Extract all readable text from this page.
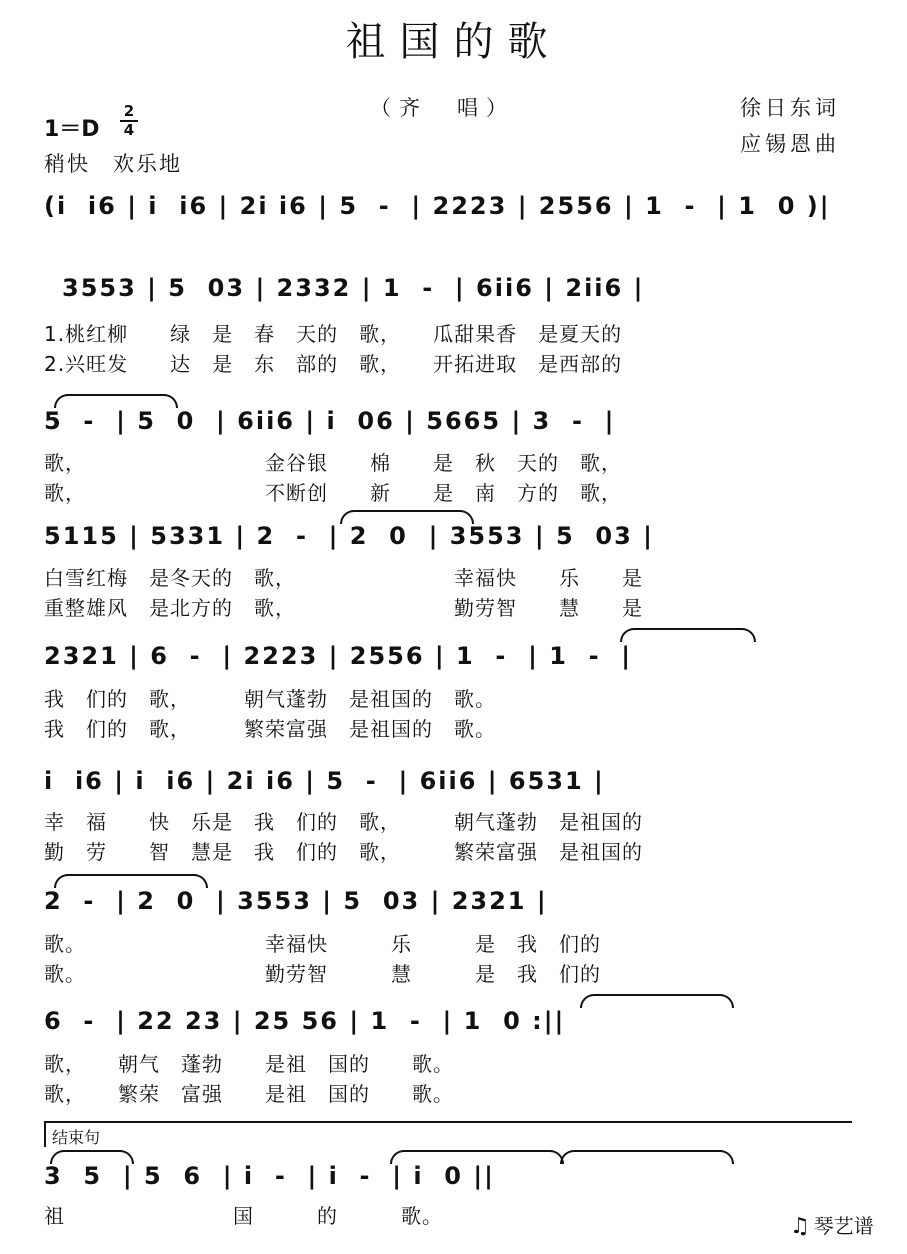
祖国的歌
（齐　唱）
1＝D
2
4
稍快　欢乐地
徐日东词
应锡恩曲
(i  i6 | i  i6 | 2i i6 | 5  -  | 2223 | 2556 | 1  -  | 1  0 )|
3553 | 5  03 | 2332 | 1  -  | 6ii6 | 2ii6 |
1.桃红柳　　绿　是　春　天的　歌，　　瓜甜果香　是夏天的
2.兴旺发　　达　是　东　部的　歌，　　开拓进取　是西部的
5  -  | 5  0  | 6ii6 | i  06 | 5665 | 3  -  |
歌，　　　　　　　　　金谷银　　棉　　是　秋　天的　歌，
歌，　　　　　　　　　不断创　　新　　是　南　方的　歌，
5115 | 5331 | 2  -  | 2  0  | 3553 | 5  03 |
白雪红梅　是冬天的　歌，　　　　　　　　幸福快　　乐　　是
重整雄风　是北方的　歌，　　　　　　　　勤劳智　　慧　　是
2321 | 6  -  | 2223 | 2556 | 1  -  | 1  -  |
我　们的　歌，　　　朝气蓬勃　是祖国的　歌。
我　们的　歌，　　　繁荣富强　是祖国的　歌。
i  i6 | i  i6 | 2i i6 | 5  -  | 6ii6 | 6531 |
幸　福　　快　乐是　我　们的　歌，　　　朝气蓬勃　是祖国的
勤　劳　　智　慧是　我　们的　歌，　　　繁荣富强　是祖国的
2  -  | 2  0  | 3553 | 5  03 | 2321 |
歌。　　　　　　　　　幸福快　　　乐　　　是　我　们的
歌。　　　　　　　　　勤劳智　　　慧　　　是　我　们的
6  -  | 22 23 | 25 56 | 1  -  | 1  0 :||
歌，　　朝气　蓬勃　　是祖　国的　　歌。
歌，　　繁荣　富强　　是祖　国的　　歌。
结束句
3  5  | 5  6  | i  -  | i  -  | i  0 ||
祖　　　　　　　　国　　　的　　　歌。	♫ 琴艺谱
